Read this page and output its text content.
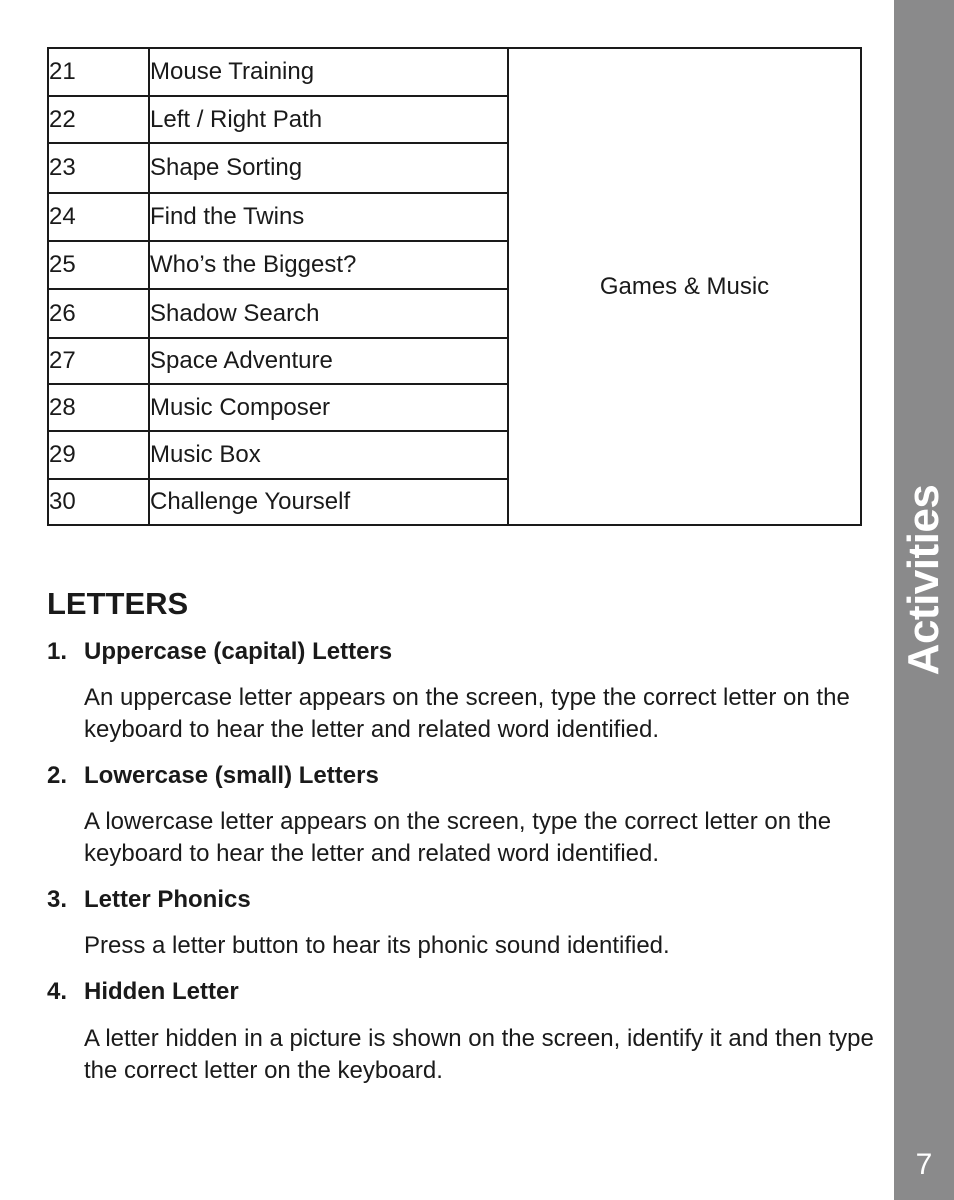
Activities
7
21	Mouse Training	Games & Music
22	Left / Right Path	
23	Shape Sorting	
24	Find the Twins	
25	Who’s the Biggest?	
26	Shadow Search	
27	Space Adventure	
28	Music Composer	
29	Music Box	
30	Challenge Yourself	
LETTERS

1. Uppercase (capital) Letters

An uppercase letter appears on the screen, type the correct letter on the keyboard to hear the letter and related word identified.

2. Lowercase (small) Letters

A lowercase letter appears on the screen, type the correct letter on the keyboard to hear the letter and related word identified.

3. Letter Phonics

Press a letter button to hear its phonic sound identified.

4. Hidden Letter

A letter hidden in a picture is shown on the screen, identify it and then type the correct letter on the keyboard.
